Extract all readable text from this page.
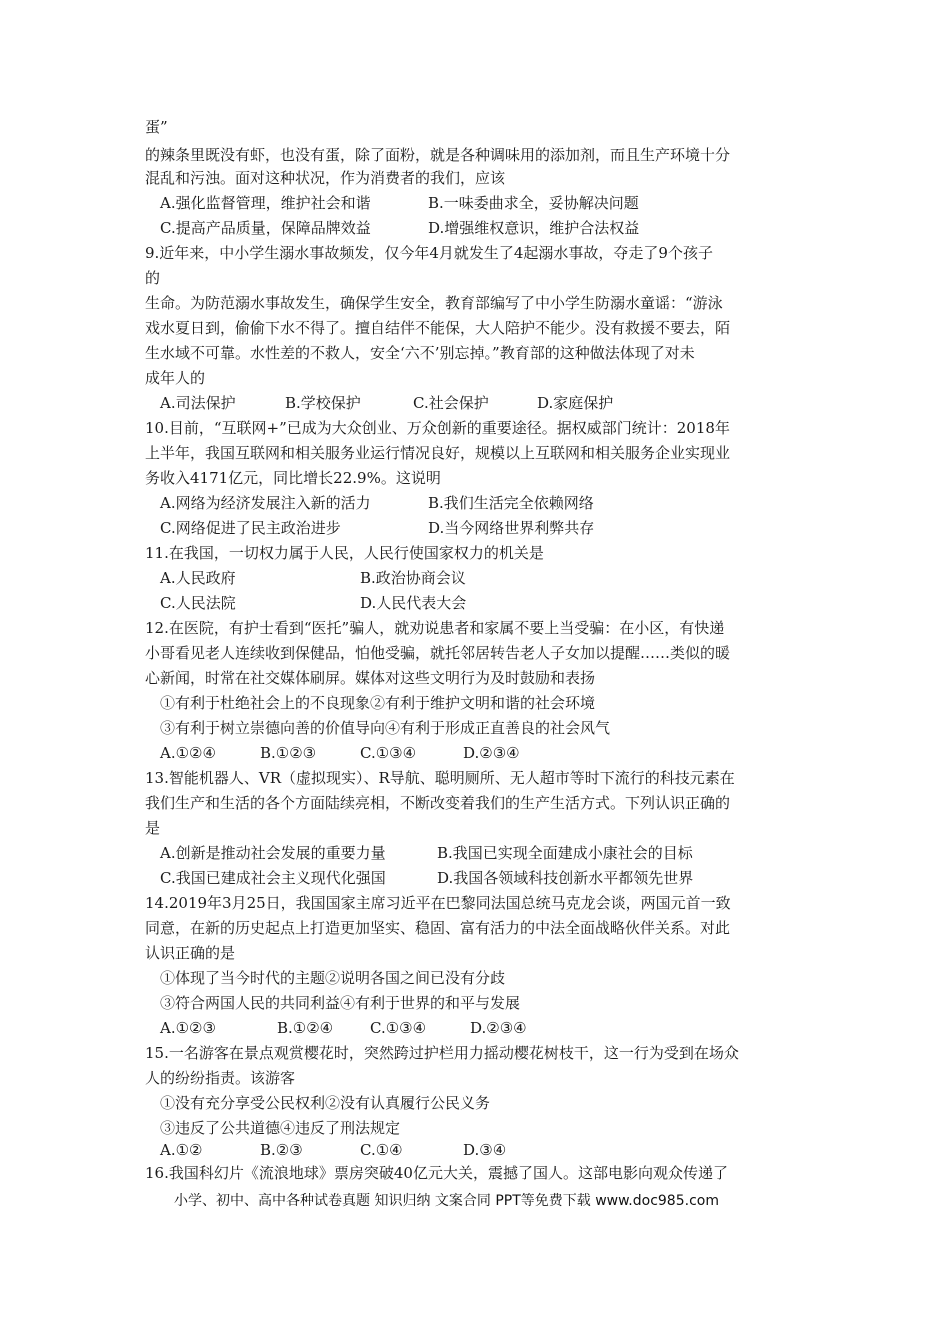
蛋”
的辣条里既没有虾，也没有蛋，除了面粉，就是各种调味用的添加剂，而且生产环境十分
混乱和污浊。面对这种状况，作为消费者的我们，应该
A.强化监督管理，维护社会和谐	B.一味委曲求全，妥协解决问题
C.提高产品质量，保障品牌效益	D.增强维权意识，维护合法权益
9.近年来，中小学生溺水事故频发，仅今年4月就发生了4起溺水事故，夺走了9个孩子
的
生命。为防范溺水事故发生，确保学生安全，教育部编写了中小学生防溺水童谣：“游泳
戏水夏日到，偷偷下水不得了。擅自结伴不能保，大人陪护不能少。没有救援不要去，陌
生水域不可靠。水性差的不救人，安全‘六不’别忘掉。”教育部的这种做法体现了对未
成年人的
A.司法保护	B.学校保护	C.社会保护	D.家庭保护
10.目前，“互联网+”已成为大众创业、万众创新的重要途径。据权威部门统计：2018年
上半年，我国互联网和相关服务业运行情况良好，规模以上互联网和相关服务企业实现业
务收入4171亿元，同比增长22.9%。这说明
A.网络为经济发展注入新的活力	B.我们生活完全依赖网络
C.网络促进了民主政治进步	D.当今网络世界利弊共存
11.在我国，一切权力属于人民，人民行使国家权力的机关是
A.人民政府	B.政治协商会议
C.人民法院	D.人民代表大会
12.在医院，有护士看到“医托”骗人，就劝说患者和家属不要上当受骗：在小区，有快递
小哥看见老人连续收到保健品，怕他受骗，就托邻居转告老人子女加以提醒……类似的暖
心新闻，时常在社交媒体刷屏。媒体对这些文明行为及时鼓励和表扬
①有利于杜绝社会上的不良现象②有利于维护文明和谐的社会环境
③有利于树立崇德向善的价值导向④有利于形成正直善良的社会风气
A.①②④	B.①②③	C.①③④	D.②③④
13.智能机器人、VR（虚拟现实）、R导航、聪明厕所、无人超市等时下流行的科技元素在
我们生产和生活的各个方面陆续亮相，不断改变着我们的生产生活方式。下列认识正确的
是
A.创新是推动社会发展的重要力量	B.我国已实现全面建成小康社会的目标
C.我国已建成社会主义现代化强国	D.我国各领域科技创新水平都领先世界
14.2019年3月25日，我国国家主席习近平在巴黎同法国总统马克龙会谈，两国元首一致
同意，在新的历史起点上打造更加坚实、稳固、富有活力的中法全面战略伙伴关系。对此
认识正确的是
①体现了当今时代的主题②说明各国之间已没有分歧
③符合两国人民的共同利益④有利于世界的和平与发展
A.①②③	B.①②④ C.①③④	D.②③④
15.一名游客在景点观赏樱花时，突然跨过护栏用力摇动樱花树枝干，这一行为受到在场众
人的纷纷指责。该游客
①没有充分享受公民权利②没有认真履行公民义务
③违反了公共道德④违反了刑法规定
A.①②	B.②③	C.①④	D.③④
16.我国科幻片《流浪地球》票房突破40亿元大关，震撼了国人。这部电影向观众传递了
小学、初中、高中各种试卷真题 知识归纳 文案合同 PPT等免费下载 www.doc985.com
